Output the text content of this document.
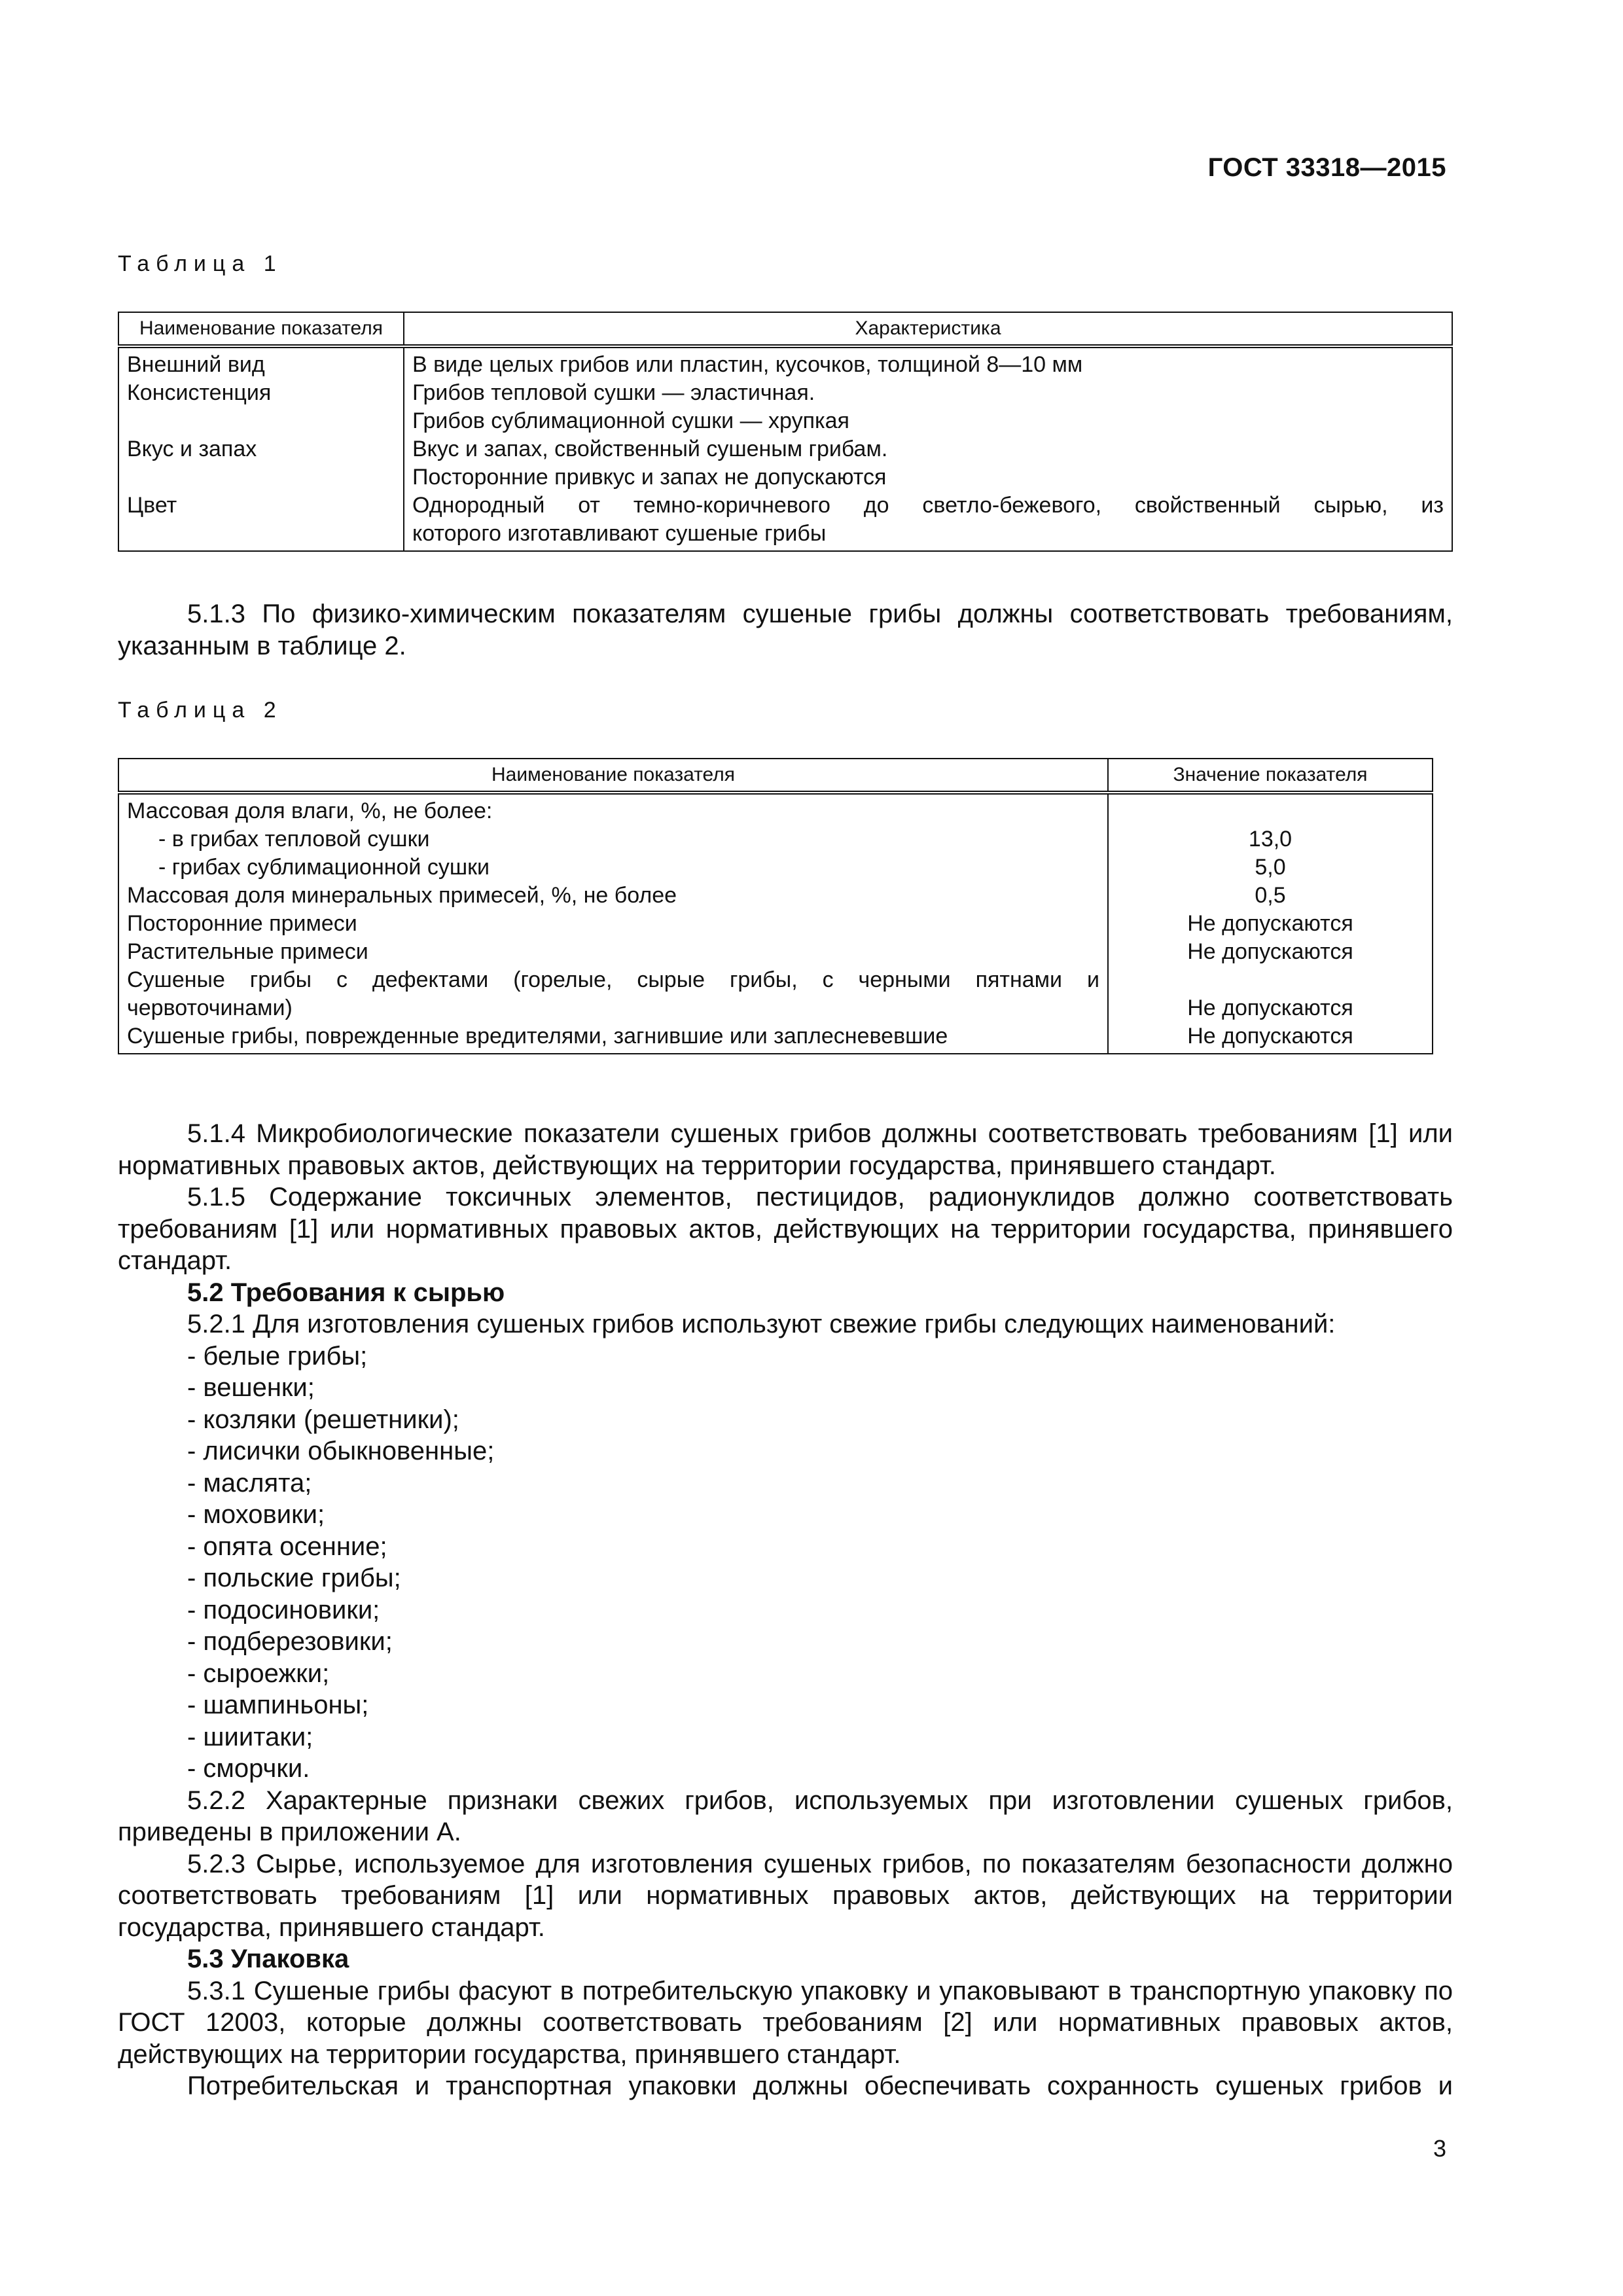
ГОСТ 33318—2015
Таблица 1
Наименование показателя	Характеристика
Внешний вид	В виде целых грибов или пластин, кусочков, толщиной 8—10 мм
Консистенция	Грибов тепловой сушки — эластичная.
	Грибов сублимационной сушки — хрупкая
Вкус и запах	Вкус и запах, свойственный сушеным грибам.
	Посторонние привкус и запах не допускаются
Цвет	Однородный от темно-коричневого до светло-бежевого, свойственный сырью, из
	которого изготавливают сушеные грибы

5.1.3 По физико-химическим показателям сушеные грибы должны соответствовать требованиям, указанным в таблице 2.

Таблица 2
Наименование показателя	Значение показателя
Массовая доля влаги, %, не более:	
- в грибах тепловой сушки	13,0
- грибах сублимационной сушки	5,0
Массовая доля минеральных примесей, %, не более	0,5
Посторонние примеси	Не допускаются
Растительные примеси	Не допускаются
Сушеные грибы с дефектами (горелые, сырые грибы, с черными пятнами и	
червоточинами)	Не допускаются
Сушеные грибы, поврежденные вредителями, загнившие или заплесневевшие	Не допускаются

5.1.4 Микробиологические показатели сушеных грибов должны соответствовать требованиям [1] или нормативных правовых актов, действующих на территории государства, принявшего стандарт.

5.1.5 Содержание токсичных элементов, пестицидов, радионуклидов должно соответствовать требованиям [1] или нормативных правовых актов, действующих на территории государства, принявшего стандарт.

5.2 Требования к сырью

5.2.1 Для изготовления сушеных грибов используют свежие грибы следующих наименований:

- белые грибы;

- вешенки;

- козляки (решетники);

- лисички обыкновенные;

- маслята;

- моховики;

- опята осенние;

- польские грибы;

- подосиновики;

- подберезовики;

- сыроежки;

- шампиньоны;

- шиитаки;

- сморчки.

5.2.2 Характерные признаки свежих грибов, используемых при изготовлении сушеных грибов, приведены в приложении А.

5.2.3 Сырье, используемое для изготовления сушеных грибов, по показателям безопасности должно соответствовать требованиям [1] или нормативных правовых актов, действующих на территории государства, принявшего стандарт.

5.3 Упаковка

5.3.1 Сушеные грибы фасуют в потребительскую упаковку и упаковывают в транспортную упаковку по ГОСТ 12003, которые должны соответствовать требованиям [2] или нормативных правовых актов, действующих на территории государства, принявшего стандарт.

Потребительская и транспортная упаковки должны обеспечивать сохранность сушеных грибов и

3
